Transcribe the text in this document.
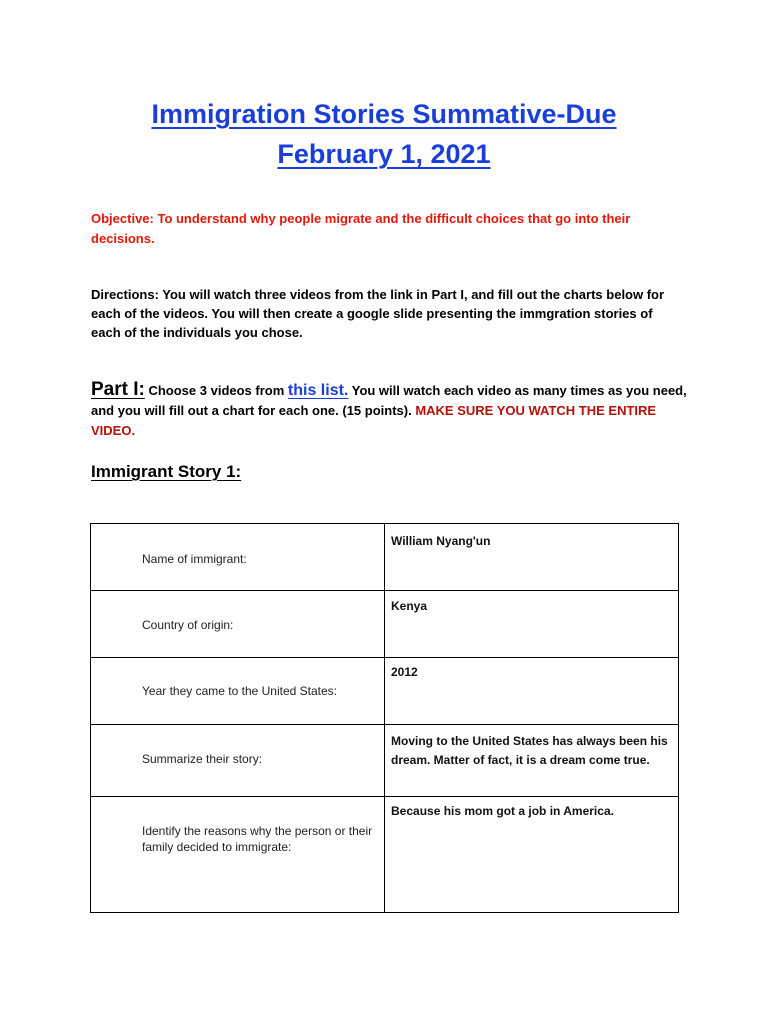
Immigration Stories Summative-Due
February 1, 2021
Objective: To understand why people migrate and the difficult choices that go into their decisions.
Directions: You will watch three videos from the link in Part I, and fill out the charts below for each of the videos. You will then create a google slide presenting the immgration stories of each of the individuals you chose.
Part I: Choose 3 videos from this list. You will watch each video as many times as you need, and you will fill out a chart for each one. (15 points). MAKE SURE YOU WATCH THE ENTIRE VIDEO.
Immigrant Story 1:
Name of immigrant:	William Nyang'un

Country of origin:	Kenya

Year they came to the United States:	2012

Summarize their story:	Moving to the United States has always been his dream. Matter of fact, it is a dream come true.

Identify the reasons why the person or their family decided to immigrate:	Because his mom got a job in America.
